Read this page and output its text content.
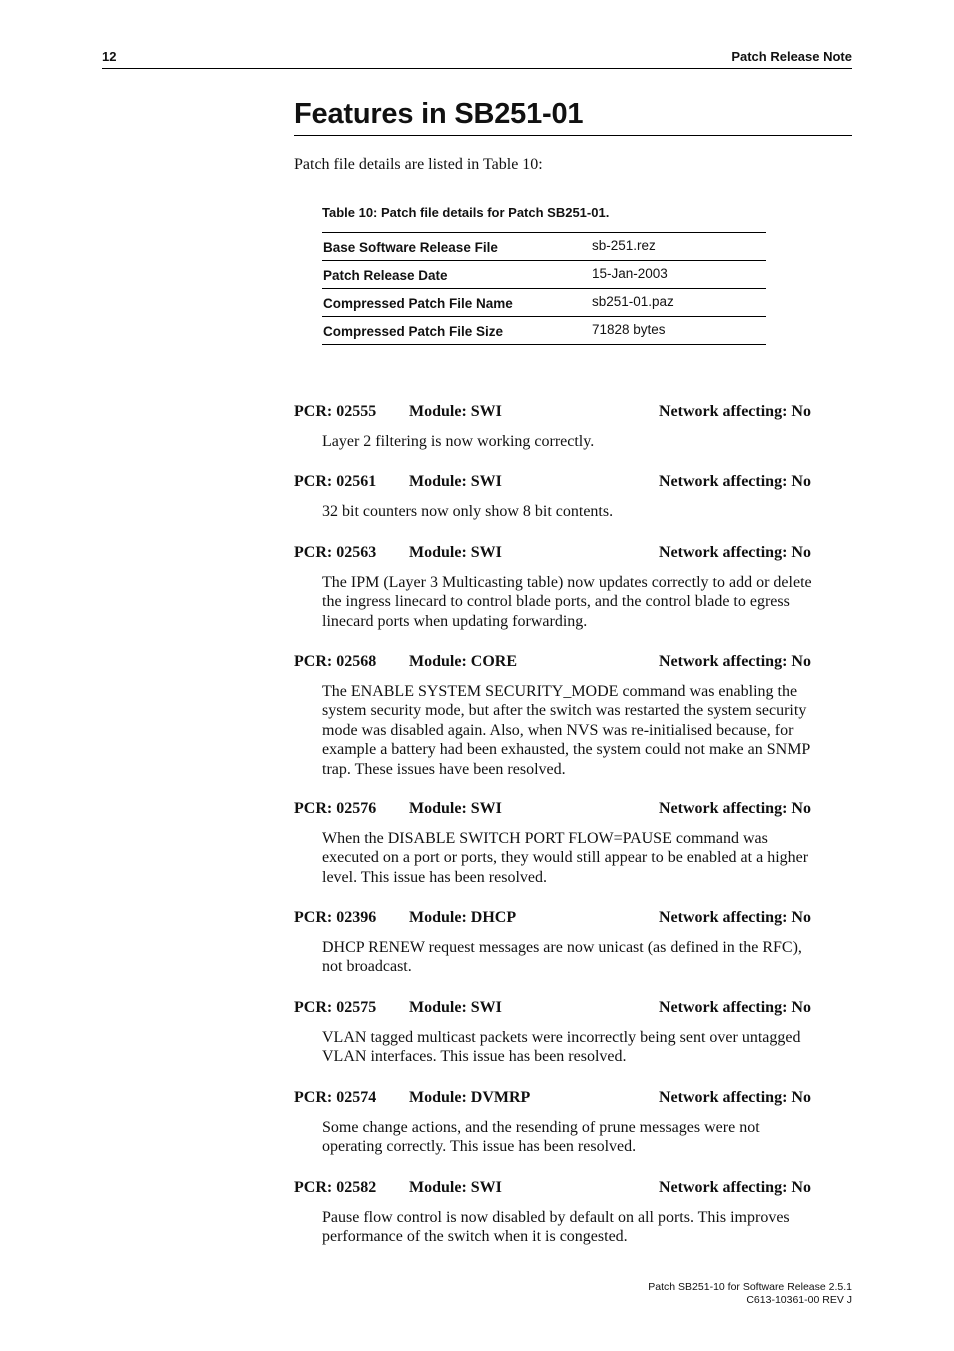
12	Patch Release Note
Features in SB251-01
Patch file details are listed in Table 10:
Table 10: Patch file details for Patch SB251-01.
Base Software Release File	sb-251.rez
Patch Release Date	15-Jan-2003
Compressed Patch File Name	sb251-01.paz
Compressed Patch File Size	71828 bytes
PCR: 02555 Module: SWI	Network affecting: No
Layer 2 filtering is now working correctly.
PCR: 02561 Module: SWI	Network affecting: No
32 bit counters now only show 8 bit contents.
PCR: 02563 Module: SWI	Network affecting: No
The IPM (Layer 3 Multicasting table) now updates correctly to add or delete
the ingress linecard to control blade ports, and the control blade to egress
linecard ports when updating forwarding.
PCR: 02568 Module: CORE	Network affecting: No
The ENABLE SYSTEM SECURITY_MODE command was enabling the
system security mode, but after the switch was restarted the system security
mode was disabled again. Also, when NVS was re-initialised because, for
example a battery had been exhausted, the system could not make an SNMP
trap. These issues have been resolved.
PCR: 02576 Module: SWI	Network affecting: No
When the DISABLE SWITCH PORT FLOW=PAUSE command was
executed on a port or ports, they would still appear to be enabled at a higher
level. This issue has been resolved.
PCR: 02396 Module: DHCP	Network affecting: No
DHCP RENEW request messages are now unicast (as defined in the RFC),
not broadcast.
PCR: 02575 Module: SWI	Network affecting: No
VLAN tagged multicast packets were incorrectly being sent over untagged
VLAN interfaces. This issue has been resolved.
PCR: 02574 Module: DVMRP	Network affecting: No
Some change actions, and the resending of prune messages were not
operating correctly. This issue has been resolved.
PCR: 02582 Module: SWI	Network affecting: No
Pause flow control is now disabled by default on all ports. This improves
performance of the switch when it is congested.
Patch SB251-10 for Software Release 2.5.1
C613-10361-00 REV J
